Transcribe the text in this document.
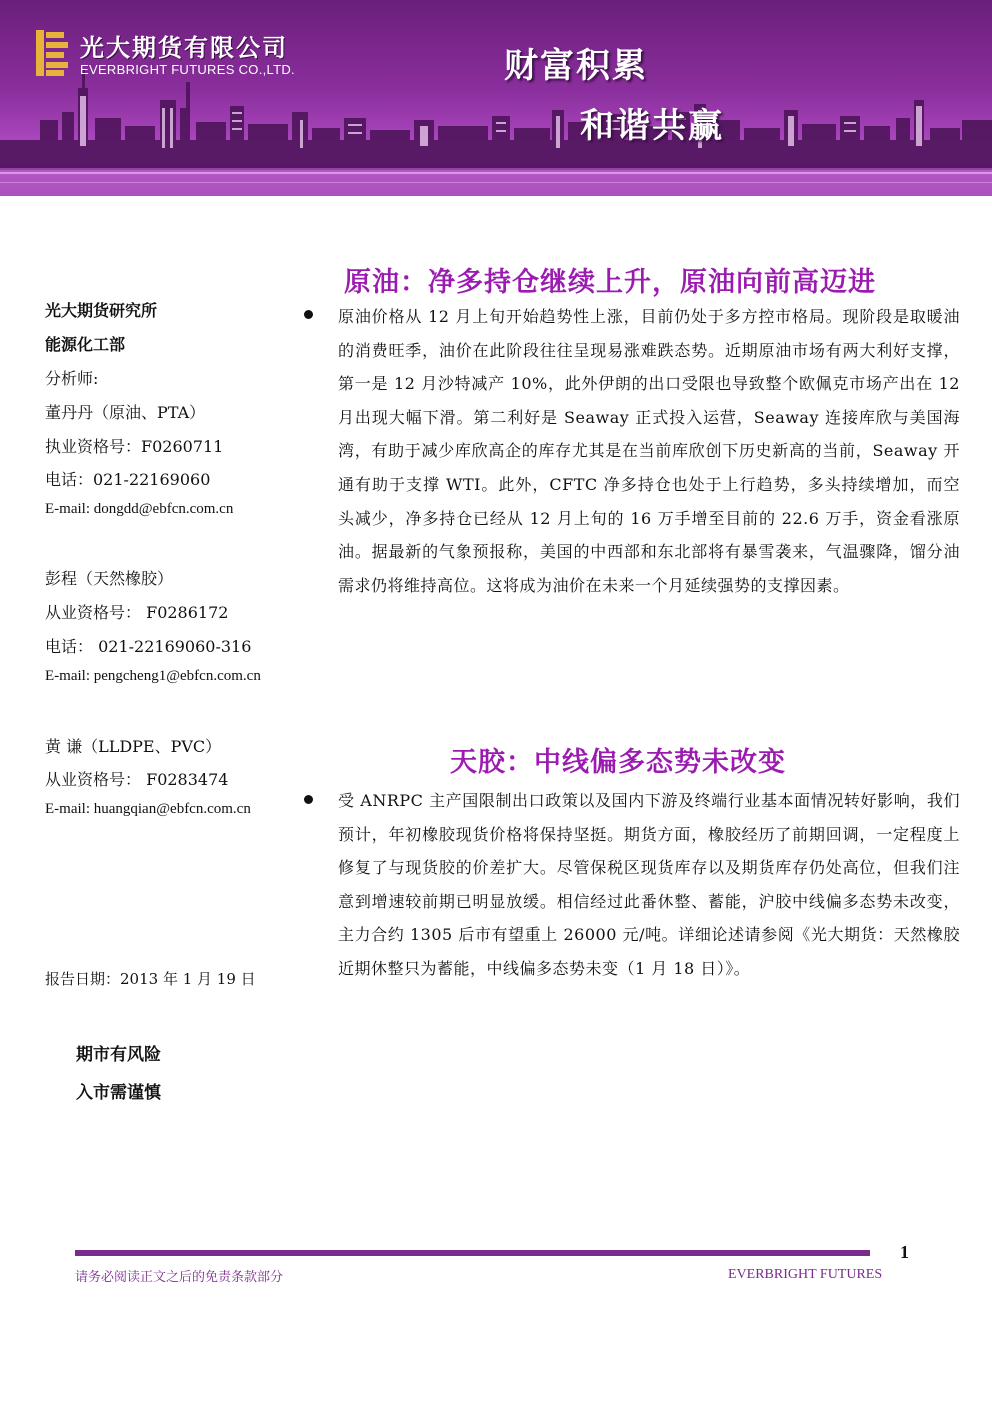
光大期货有限公司
EVERBRIGHT FUTURES CO.,LTD.	财富积累
和谐共赢
光大期货研究所
能源化工部
分析师:
董丹丹（原油、PTA）
执业资格号：F0260711
电话：021-22169060
E-mail: dongdd@ebfcn.com.cn
彭程（天然橡胶）
从业资格号： F0286172
电话： 021-22169060-316
E-mail: pengcheng1@ebfcn.com.cn
黄 谦（LLDPE、PVC）
从业资格号： F0283474
E-mail: huangqian@ebfcn.com.cn
报告日期：2013 年 1 月 19 日
期市有风险
入市需谨慎
原油：净多持仓继续上升，原油向前高迈进
原油价格从 12 月上旬开始趋势性上涨，目前仍处于多方控市格局。现阶段是取暖油的消费旺季，油价在此阶段往往呈现易涨难跌态势。近期原油市场有两大利好支撑，第一是 12 月沙特减产 10%，此外伊朗的出口受限也导致整个欧佩克市场产出在 12 月出现大幅下滑。第二利好是 Seaway 正式投入运营，Seaway 连接库欣与美国海湾，有助于减少库欣高企的库存尤其是在当前库欣创下历史新高的当前，Seaway 开通有助于支撑 WTI。此外，CFTC 净多持仓也处于上行趋势，多头持续增加，而空头减少，净多持仓已经从 12 月上旬的 16 万手增至目前的 22.6 万手，资金看涨原油。据最新的气象预报称，美国的中西部和东北部将有暴雪袭来，气温骤降，馏分油需求仍将维持高位。这将成为油价在未来一个月延续强势的支撑因素。
天胶：中线偏多态势未改变
受 ANRPC 主产国限制出口政策以及国内下游及终端行业基本面情况转好影响，我们预计，年初橡胶现货价格将保持坚挺。期货方面，橡胶经历了前期回调，一定程度上修复了与现货胶的价差扩大。尽管保税区现货库存以及期货库存仍处高位，但我们注意到增速较前期已明显放缓。相信经过此番休整、蓄能，沪胶中线偏多态势未改变，主力合约 1305 后市有望重上 26000 元/吨。详细论述请参阅《光大期货：天然橡胶近期休整只为蓄能，中线偏多态势未变（1 月 18 日）》。
1
请务必阅读正文之后的免责条款部分	EVERBRIGHT FUTURES
